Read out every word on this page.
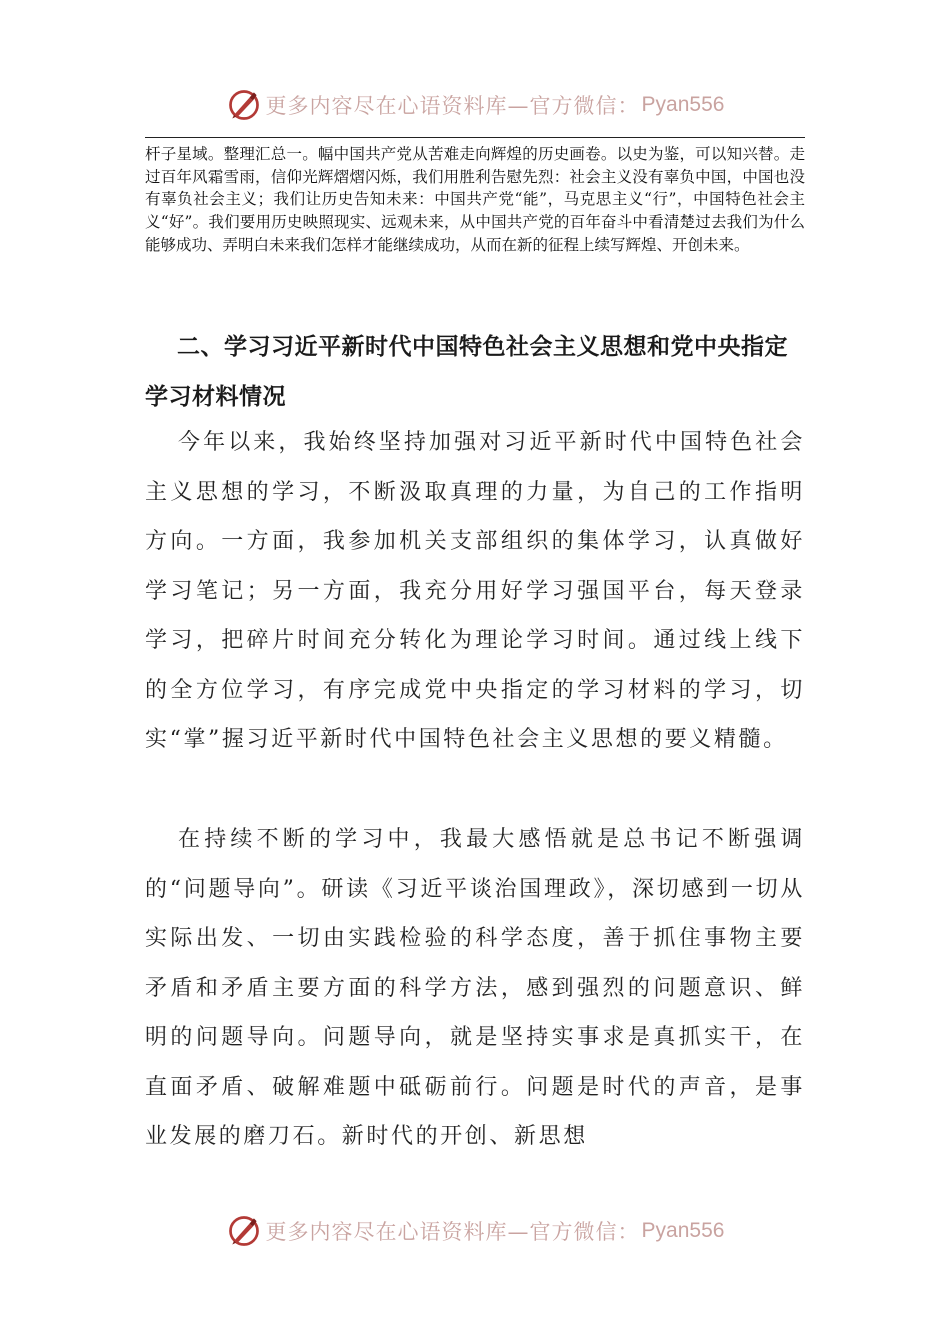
更多内容尽在心语资料库—官方微信： Pyan556

杆子星域。整理汇总一。幅中国共产党从苦难走向辉煌的历史画卷。以史为鉴，可以知兴替。走过百年风霜雪雨，信仰光辉熠熠闪烁，我们用胜利告慰先烈：社会主义没有辜负中国，中国也没有辜负社会主义；我们让历史告知未来：中国共产党“能”，马克思主义“行”，中国特色社会主义“好”。我们要用历史映照现实、远观未来，从中国共产党的百年奋斗中看清楚过去我们为什么能够成功、弄明白未来我们怎样才能继续成功，从而在新的征程上续写辉煌、开创未来。

二、学习习近平新时代中国特色社会主义思想和党中央指定学习材料情况

今年以来，我始终坚持加强对习近平新时代中国特色社会主义思想的学习，不断汲取真理的力量，为自己的工作指明方向。一方面，我参加机关支部组织的集体学习，认真做好学习笔记；另一方面，我充分用好学习强国平台，每天登录学习，把碎片时间充分转化为理论学习时间。通过线上线下的全方位学习，有序完成党中央指定的学习材料的学习，切实“掌”握习近平新时代中国特色社会主义思想的要义精髓。

在持续不断的学习中，我最大感悟就是总书记不断强调的“问题导向”。研读《习近平谈治国理政》，深切感到一切从实际出发、一切由实践检验的科学态度，善于抓住事物主要矛盾和矛盾主要方面的科学方法，感到强烈的问题意识、鲜明的问题导向。问题导向，就是坚持实事求是真抓实干，在直面矛盾、破解难题中砥砺前行。问题是时代的声音，是事业发展的磨刀石。新时代的开创、新思想

更多内容尽在心语资料库—官方微信： Pyan556
